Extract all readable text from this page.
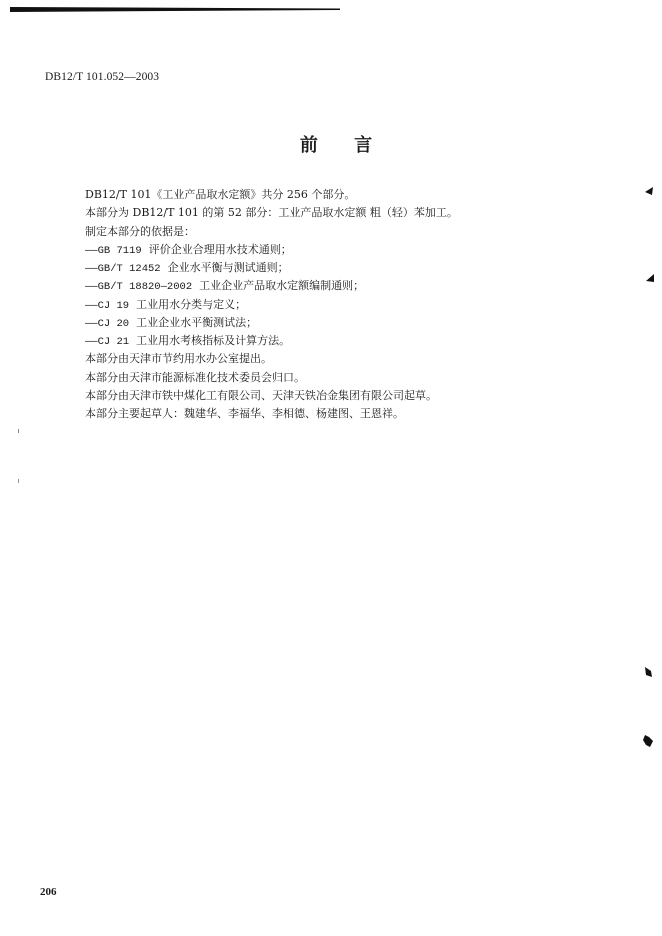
DB12/T 101.052—2003
前 言
DB12/T 101《工业产品取水定额》共分 256 个部分。
本部分为 DB12/T 101 的第 52 部分：工业产品取水定额 粗（轻）苯加工。
制定本部分的依据是：
——GB 7119 评价企业合理用水技术通则；
——GB/T 12452 企业水平衡与测试通则；
——GB/T 18820—2002 工业企业产品取水定额编制通则；
——CJ 19 工业用水分类与定义；
——CJ 20 工业企业水平衡测试法；
——CJ 21 工业用水考核指标及计算方法。
本部分由天津市节约用水办公室提出。
本部分由天津市能源标准化技术委员会归口。
本部分由天津市铁中煤化工有限公司、天津天铁冶金集团有限公司起草。
本部分主要起草人：魏建华、李福华、李相德、杨建图、王恩祥。
206
